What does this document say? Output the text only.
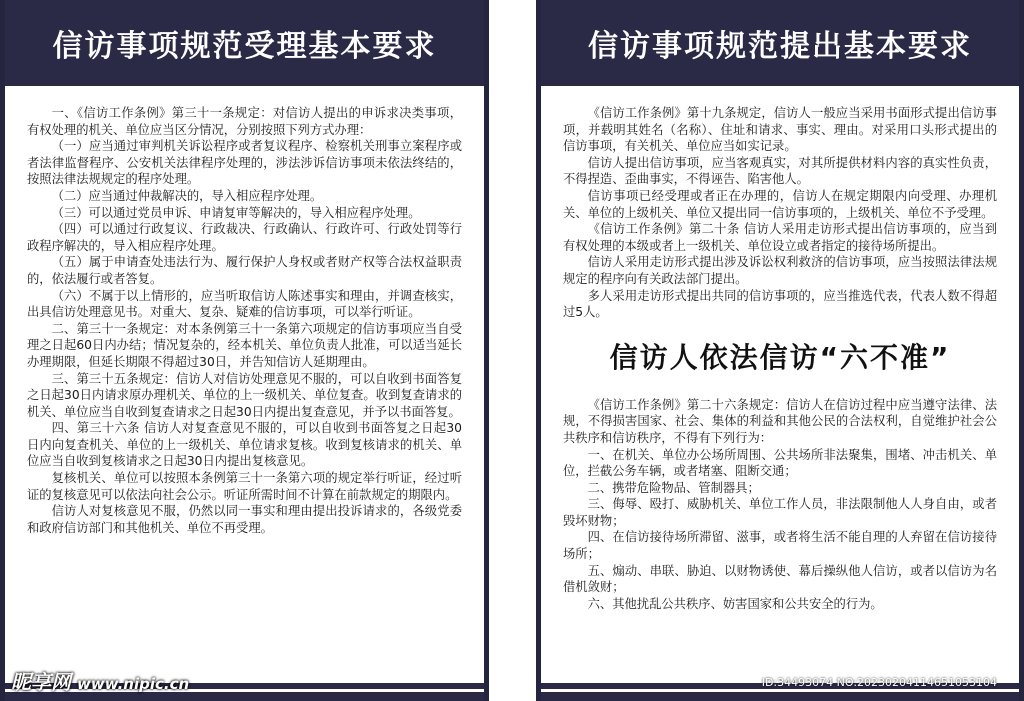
信访事项规范受理基本要求

一、《信访工作条例》第三十一条规定：对信访人提出的申诉求决类事项，有权处理的机关、单位应当区分情况，分别按照下列方式办理：

（一）应当通过审判机关诉讼程序或者复议程序、检察机关刑事立案程序或者法律监督程序、公安机关法律程序处理的，涉法涉诉信访事项未依法终结的，按照法律法规规定的程序处理。

（二）应当通过仲裁解决的，导入相应程序处理。

（三）可以通过党员申诉、申请复审等解决的，导入相应程序处理。

（四）可以通过行政复议、行政裁决、行政确认、行政许可、行政处罚等行政程序解决的，导入相应程序处理。

（五）属于申请查处违法行为、履行保护人身权或者财产权等合法权益职责的，依法履行或者答复。

（六）不属于以上情形的，应当听取信访人陈述事实和理由，并调查核实，出具信访处理意见书。对重大、复杂、疑难的信访事项，可以举行听证。

二、第三十一条规定：对本条例第三十一条第六项规定的信访事项应当自受理之日起60日内办结；情况复杂的，经本机关、单位负责人批准，可以适当延长办理期限，但延长期限不得超过30日，并告知信访人延期理由。

三、第三十五条规定：信访人对信访处理意见不服的，可以自收到书面答复之日起30日内请求原办理机关、单位的上一级机关、单位复查。收到复查请求的机关、单位应当自收到复查请求之日起30日内提出复查意见，并予以书面答复。

四、第三十六条 信访人对复查意见不服的，可以自收到书面答复之日起30日内向复查机关、单位的上一级机关、单位请求复核。收到复核请求的机关、单位应当自收到复核请求之日起30日内提出复核意见。

复核机关、单位可以按照本条例第三十一条第六项的规定举行听证，经过听证的复核意见可以依法向社会公示。听证所需时间不计算在前款规定的期限内。

信访人对复核意见不服，仍然以同一事实和理由提出投诉请求的，各级党委和政府信访部门和其他机关、单位不再受理。

昵享网 www.nipic.cn
信访事项规范提出基本要求

《信访工作条例》第十九条规定，信访人一般应当采用书面形式提出信访事项，并载明其姓名（名称）、住址和请求、事实、理由。对采用口头形式提出的信访事项，有关机关、单位应当如实记录。

信访人提出信访事项，应当客观真实，对其所提供材料内容的真实性负责，不得捏造、歪曲事实，不得诬告、陷害他人。

信访事项已经受理或者正在办理的，信访人在规定期限内向受理、办理机关、单位的上级机关、单位又提出同一信访事项的，上级机关、单位不予受理。

《信访工作条例》第二十条 信访人采用走访形式提出信访事项的，应当到有权处理的本级或者上一级机关、单位设立或者指定的接待场所提出。

信访人采用走访形式提出涉及诉讼权利救济的信访事项，应当按照法律法规规定的程序向有关政法部门提出。

多人采用走访形式提出共同的信访事项的，应当推选代表，代表人数不得超过5人。

信访人依法信访“六不准”

《信访工作条例》第二十六条规定：信访人在信访过程中应当遵守法律、法规，不得损害国家、社会、集体的利益和其他公民的合法权利，自觉维护社会公共秩序和信访秩序，不得有下列行为：

一、在机关、单位办公场所周围、公共场所非法聚集，围堵、冲击机关、单位，拦截公务车辆，或者堵塞、阻断交通；

二、携带危险物品、管制器具；

三、侮辱、殴打、威胁机关、单位工作人员，非法限制他人人身自由，或者毁坏财物；

四、在信访接待场所滞留、滋事，或者将生活不能自理的人弃留在信访接待场所；

五、煽动、串联、胁迫、以财物诱使、幕后操纵他人信访，或者以信访为名借机敛财；

六、其他扰乱公共秩序、妨害国家和公共安全的行为。

ID:34493074 NO:20230204114651053104
